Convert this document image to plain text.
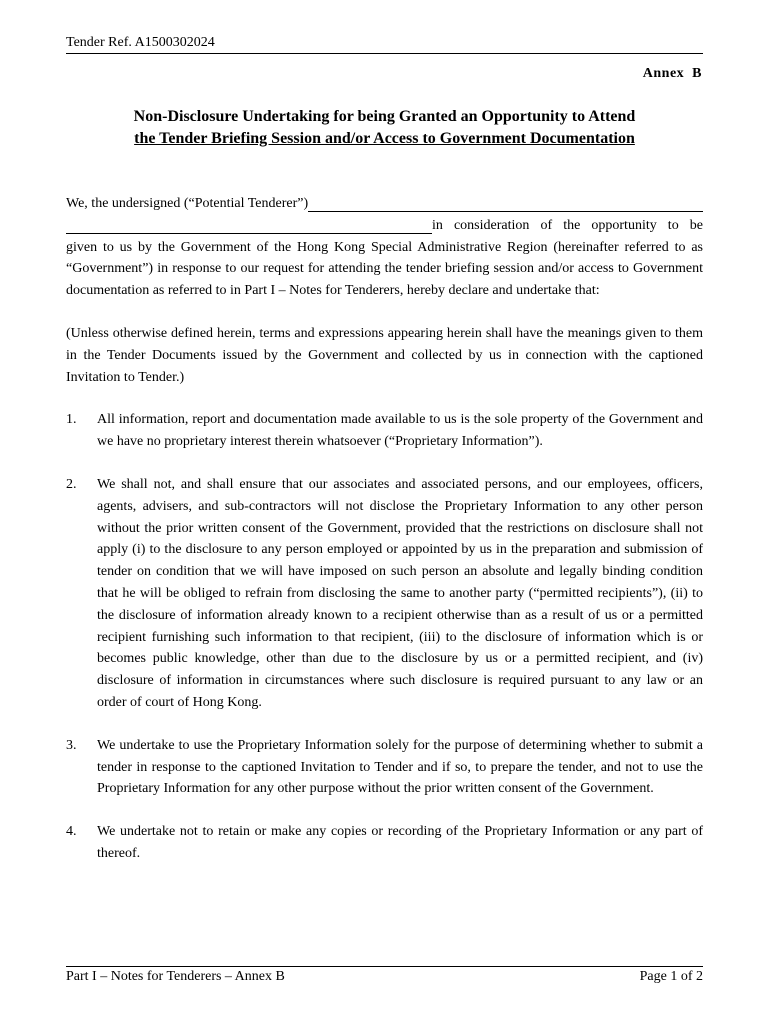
Tender Ref. A1500302024
Annex  B
Non-Disclosure Undertaking for being Granted an Opportunity to Attend
the Tender Briefing Session and/or Access to Government Documentation
We, the undersigned (“Potential Tenderer”)
in consideration of the opportunity to be
given to us by the Government of the Hong Kong Special Administrative Region (hereinafter referred to as “Government”) in response to our request for attending the tender briefing session and/or access to Government documentation as referred to in Part I – Notes for Tenderers, hereby declare and undertake that:
(Unless otherwise defined herein, terms and expressions appearing herein shall have the meanings given to them in the Tender Documents issued by the Government and collected by us in connection with the captioned Invitation to Tender.)
1.	All information, report and documentation made available to us is the sole property of the Government and we have no proprietary interest therein whatsoever (“Proprietary Information”).
2.	We shall not, and shall ensure that our associates and associated persons, and our employees, officers, agents, advisers, and sub-contractors will not disclose the Proprietary Information to any other person without the prior written consent of the Government, provided that the restrictions on disclosure shall not apply (i) to the disclosure to any person employed or appointed by us in the preparation and submission of tender on condition that we will have imposed on such person an absolute and legally binding condition that he will be obliged to refrain from disclosing the same to another party (“permitted recipients”), (ii) to the disclosure of information already known to a recipient otherwise than as a result of us or a permitted recipient furnishing such information to that recipient, (iii) to the disclosure of information which is or becomes public knowledge, other than due to the disclosure by us or a permitted recipient, and (iv) disclosure of information in circumstances where such disclosure is required pursuant to any law or an order of court of Hong Kong.
3.	We undertake to use the Proprietary Information solely for the purpose of determining whether to submit a tender in response to the captioned Invitation to Tender and if so, to prepare the tender, and not to use the Proprietary Information for any other purpose without the prior written consent of the Government.
4.	We undertake not to retain or make any copies or recording of the Proprietary Information or any part of thereof.
Part I – Notes for Tenderers – Annex B	Page 1 of 2
